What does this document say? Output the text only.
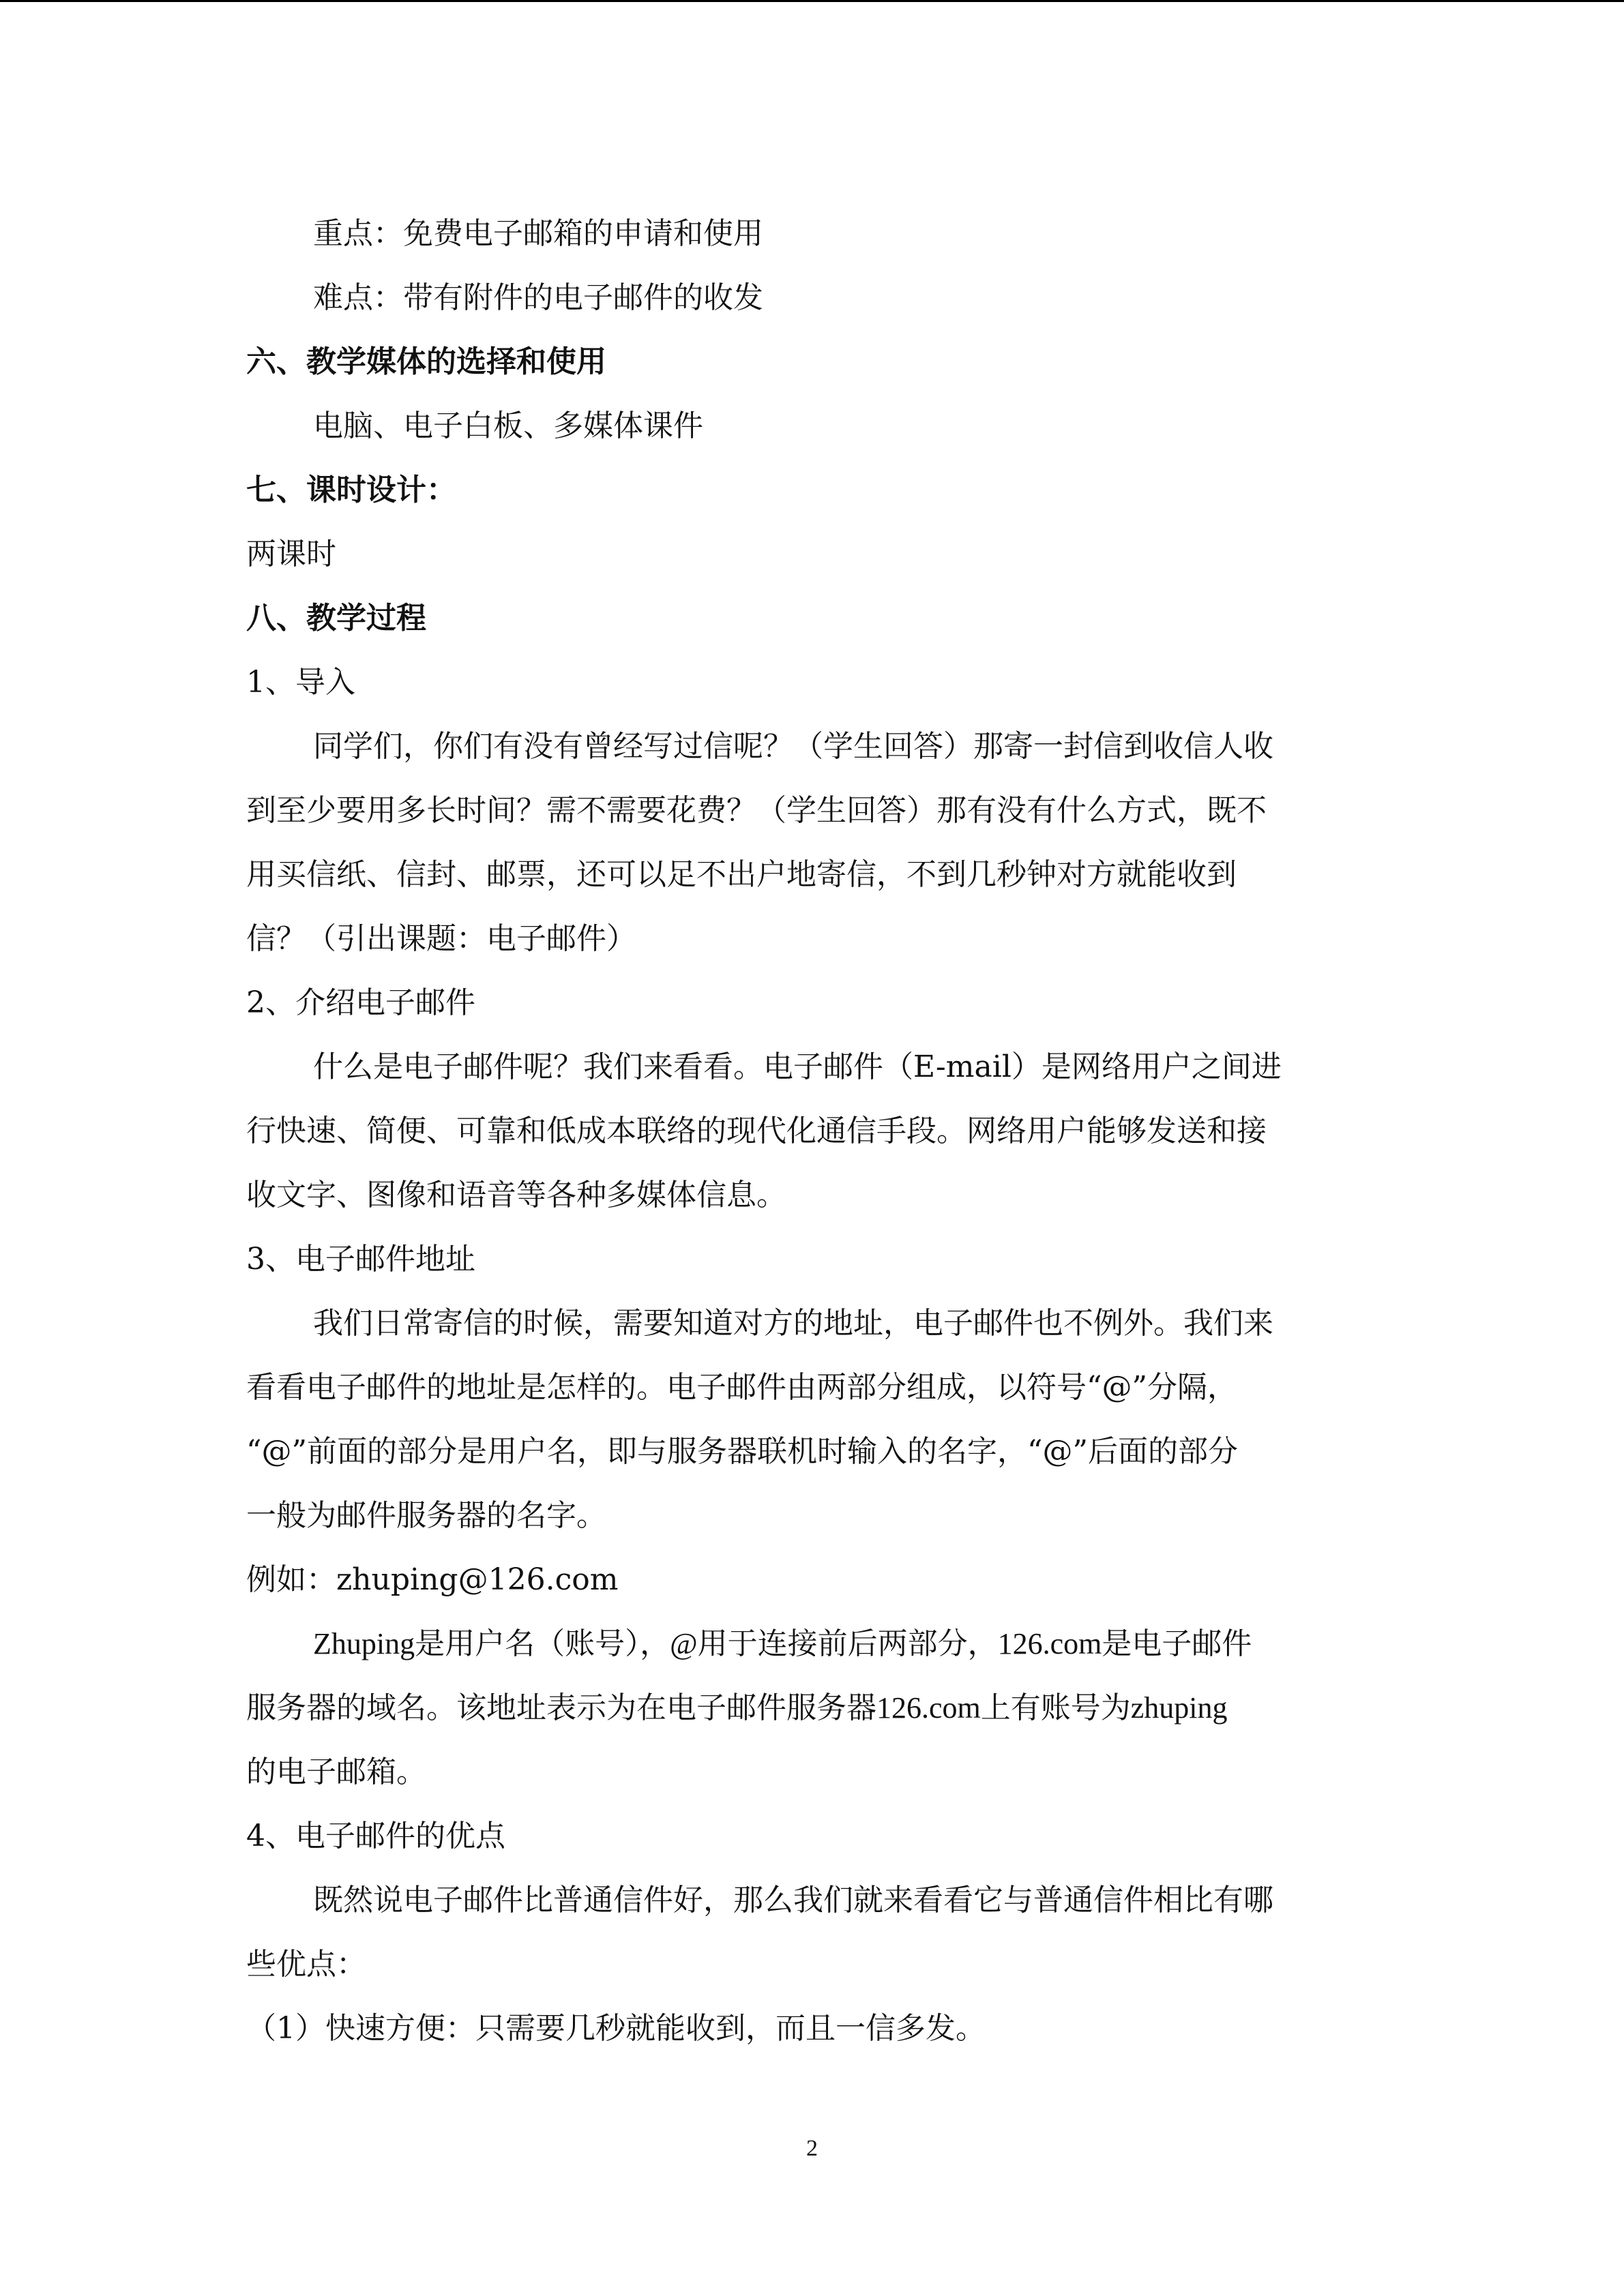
重点：免费电子邮箱的申请和使用

难点：带有附件的电子邮件的收发

六、教学媒体的选择和使用

电脑、电子白板、多媒体课件

七、课时设计：

两课时

八、教学过程

1、导入

同学们，你们有没有曾经写过信呢？（学生回答）那寄一封信到收信人收

到至少要用多长时间？需不需要花费？（学生回答）那有没有什么方式，既不

用买信纸、信封、邮票，还可以足不出户地寄信，不到几秒钟对方就能收到

信？（引出课题：电子邮件）

2、介绍电子邮件

什么是电子邮件呢？我们来看看。电子邮件（E-mail）是网络用户之间进

行快速、简便、可靠和低成本联络的现代化通信手段。网络用户能够发送和接

收文字、图像和语音等各种多媒体信息。

3、电子邮件地址

我们日常寄信的时候，需要知道对方的地址，电子邮件也不例外。我们来

看看电子邮件的地址是怎样的。电子邮件由两部分组成，以符号“@”分隔，

“@”前面的部分是用户名，即与服务器联机时输入的名字，“@”后面的部分

一般为邮件服务器的名字。

例如：zhuping@126.com

Zhuping是用户名（账号），@用于连接前后两部分，126.com是电子邮件

服务器的域名。该地址表示为在电子邮件服务器126.com上有账号为zhuping

的电子邮箱。

4、电子邮件的优点

既然说电子邮件比普通信件好，那么我们就来看看它与普通信件相比有哪

些优点：

（1）快速方便：只需要几秒就能收到，而且一信多发。

2
